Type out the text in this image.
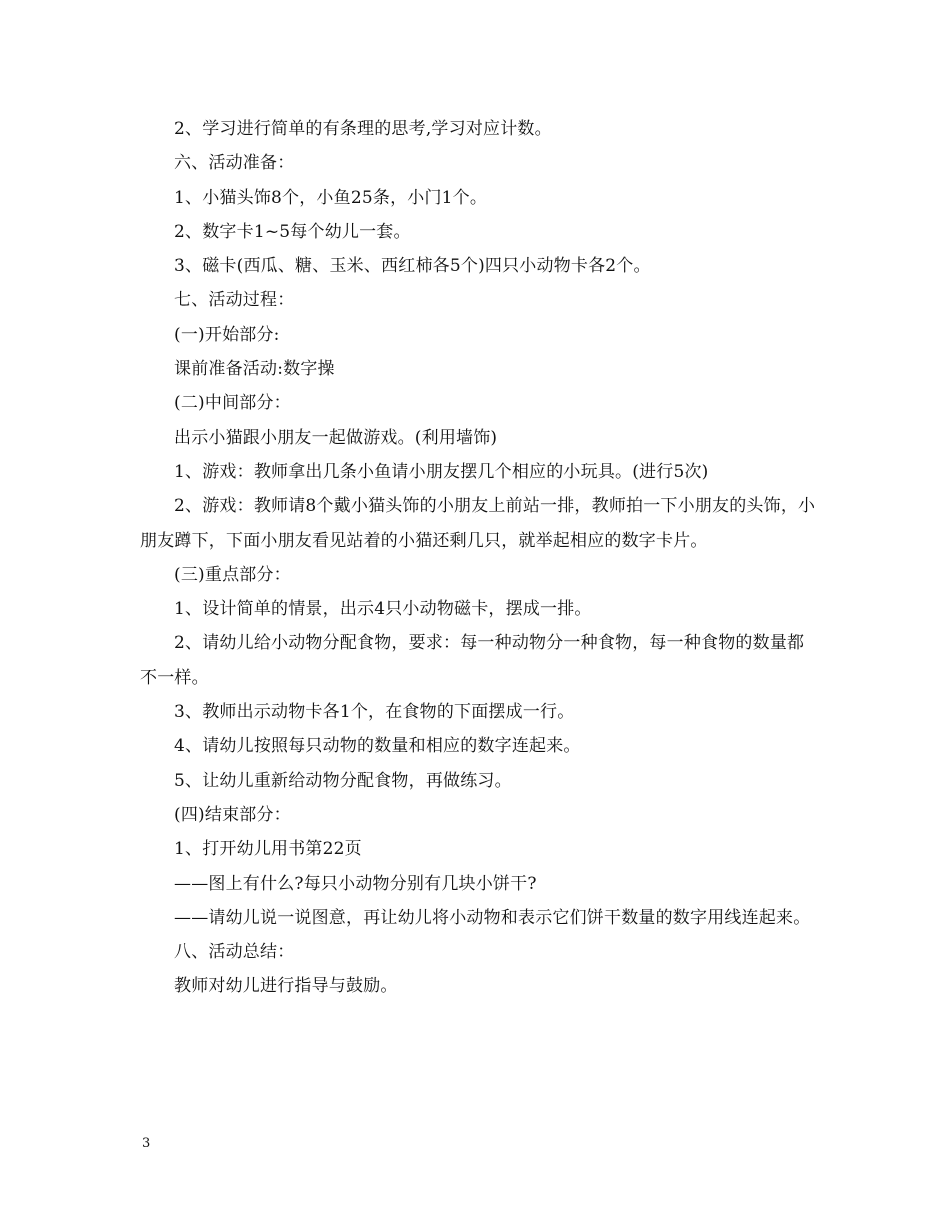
2、学习进行简单的有条理的思考,学习对应计数。

六、活动准备：

1、小猫头饰8个，小鱼25条，小门1个。

2、数字卡1~5每个幼儿一套。

3、磁卡(西瓜、糖、玉米、西红柿各5个)四只小动物卡各2个。

七、活动过程：

(一)开始部分:

课前准备活动:数字操

(二)中间部分：

出示小猫跟小朋友一起做游戏。(利用墙饰)

1、游戏：教师拿出几条小鱼请小朋友摆几个相应的小玩具。(进行5次)

2、游戏：教师请8个戴小猫头饰的小朋友上前站一排，教师拍一下小朋友的头饰，小朋友蹲下，下面小朋友看见站着的小猫还剩几只，就举起相应的数字卡片。

(三)重点部分：

1、设计简单的情景，出示4只小动物磁卡，摆成一排。

2、请幼儿给小动物分配食物，要求：每一种动物分一种食物，每一种食物的数量都不一样。

3、教师出示动物卡各1个，在食物的下面摆成一行。

4、请幼儿按照每只动物的数量和相应的数字连起来。

5、让幼儿重新给动物分配食物，再做练习。

(四)结束部分：

1、打开幼儿用书第22页

——图上有什么?每只小动物分别有几块小饼干?

——请幼儿说一说图意，再让幼儿将小动物和表示它们饼干数量的数字用线连起来。

八、活动总结：

教师对幼儿进行指导与鼓励。

3
